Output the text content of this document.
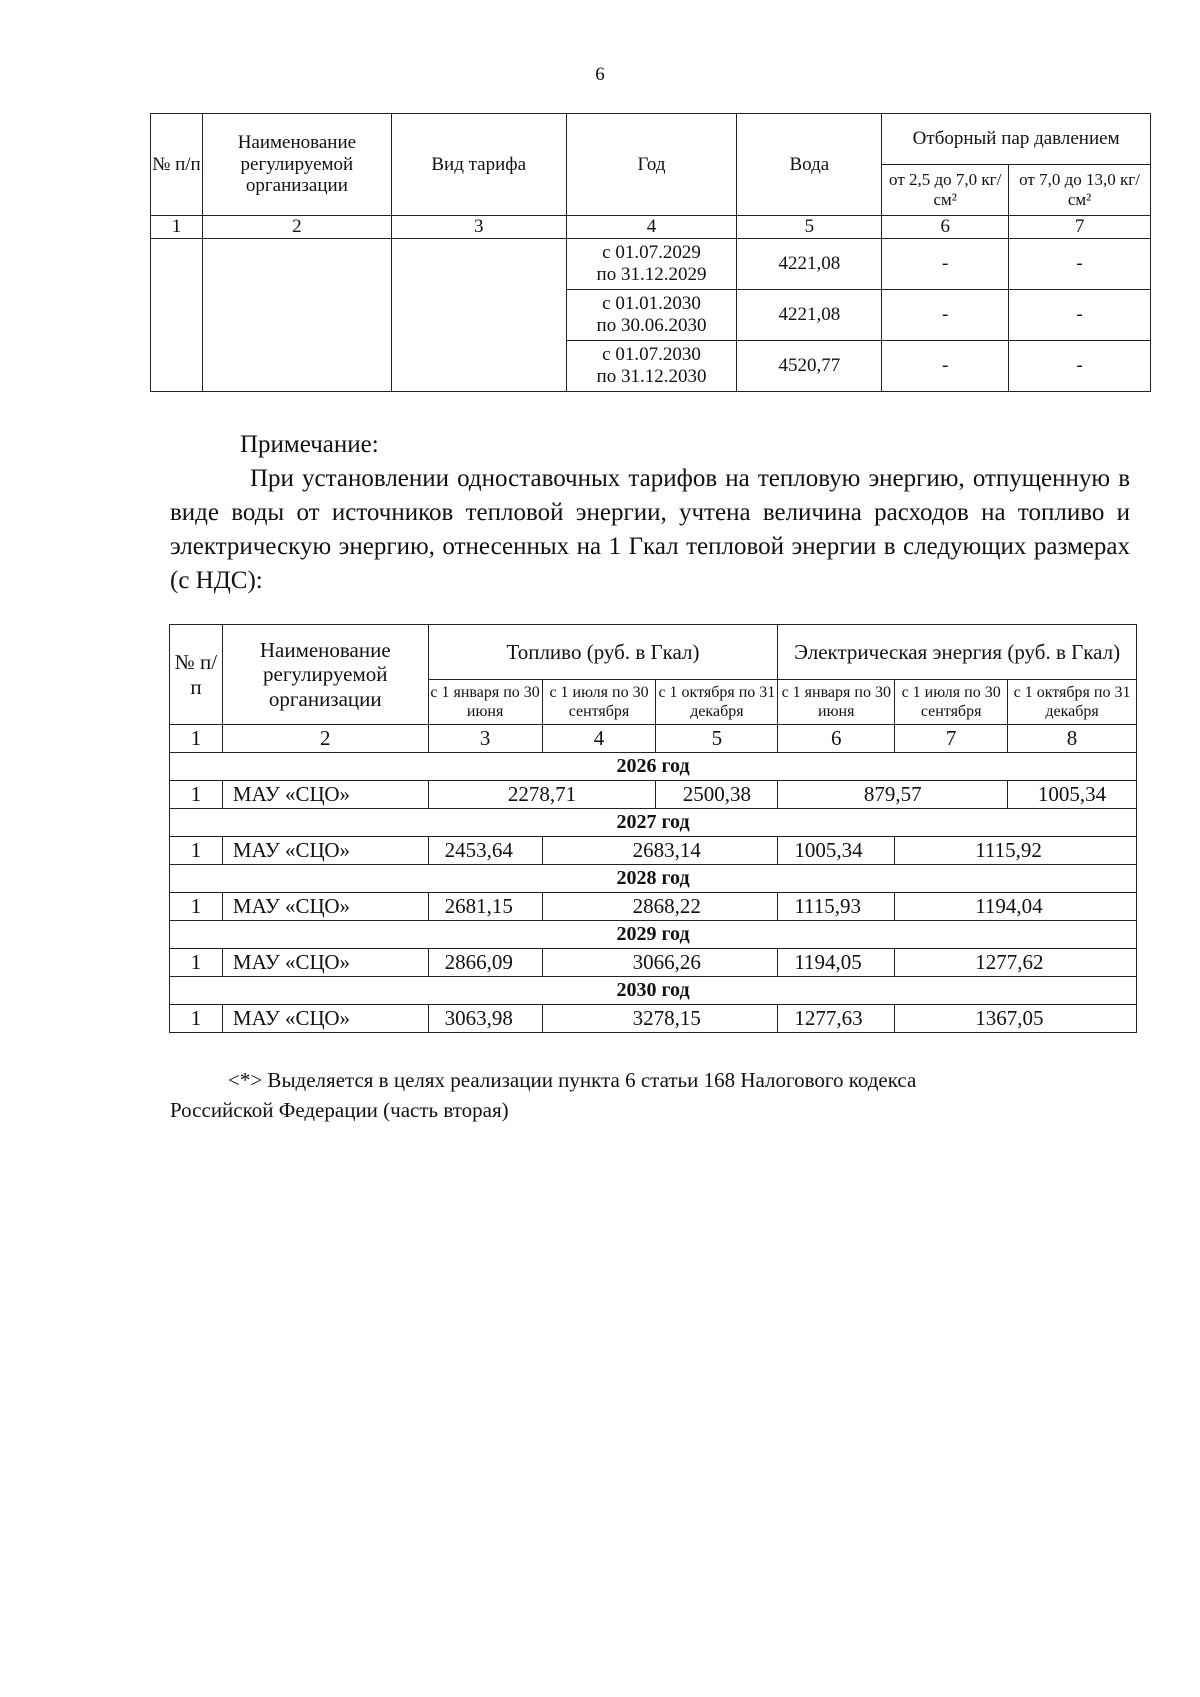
6
№ п/п	Наименование регулируемой организации	Вид тарифа	Год	Вода	Отборный пар давлением	
					от 2,5 до 7,0 кг/см²	от 7,0 до 13,0 кг/см²
1	2	3	4	5	6	7
			с 01.07.2029
по 31.12.2029	4221,08	-	-
			с 01.01.2030
по 30.06.2030	4221,08	-	-
			с 01.07.2030
по 31.12.2030	4520,77	-	-
Примечание:
При установлении одноставочных тарифов на тепловую энергию, отпущенную в виде воды от источников тепловой энергии, учтена величина расходов на топливо и электрическую энергию, отнесенных на 1 Гкал тепловой энергии в следующих размерах (с НДС):
№ п/п	Наименование регулируемой организации	Топливо (руб. в Гкал)			Электрическая энергия (руб. в Гкал)		
		с 1 января по 30 июня	с 1 июля по 30 сентября	с 1 октября по 31 декабря	с 1 января по 30 июня	с 1 июля по 30 сентября	с 1 октября по 31 декабря
1	2	3	4	5	6	7	8
2026 год							
1	МАУ «СЦО»	2278,71		2500,38	879,57		1005,34
2027 год							
1	МАУ «СЦО»	2453,64	2683,14		1005,34	1115,92	
2028 год							
1	МАУ «СЦО»	2681,15	2868,22		1115,93	1194,04	
2029 год							
1	МАУ «СЦО»	2866,09	3066,26		1194,05	1277,62	
2030 год							
1	МАУ «СЦО»	3063,98	3278,15		1277,63	1367,05	
<*> Выделяется в целях реализации пункта 6 статьи 168 Налогового кодекса
Российской Федерации (часть вторая)
